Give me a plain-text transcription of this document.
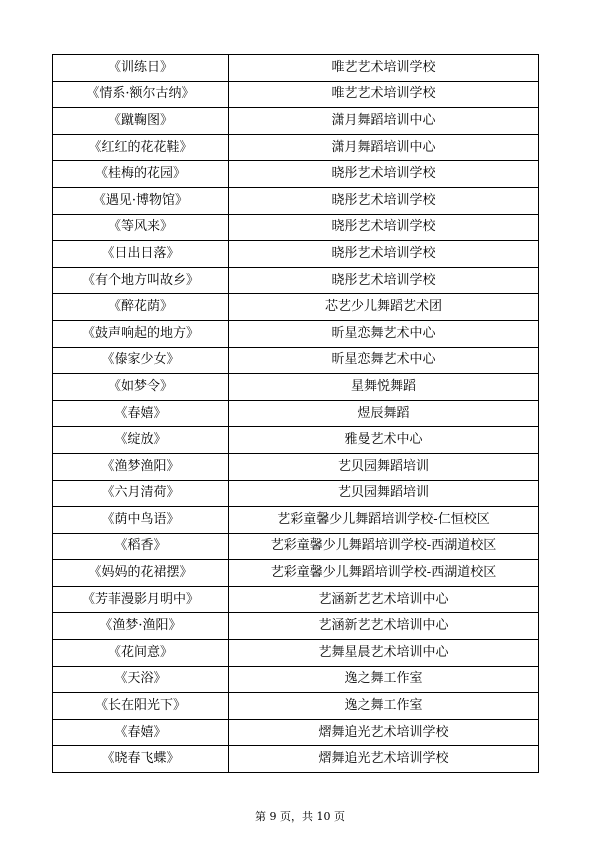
《训练日》	唯艺艺术培训学校
《情系·额尔古纳》	唯艺艺术培训学校
《蹴鞠图》	潇月舞蹈培训中心
《红红的花花鞋》	潇月舞蹈培训中心
《桂梅的花园》	晓彤艺术培训学校
《遇见·博物馆》	晓彤艺术培训学校
《等风来》	晓彤艺术培训学校
《日出日落》	晓彤艺术培训学校
《有个地方叫故乡》	晓彤艺术培训学校
《醉花荫》	芯艺少儿舞蹈艺术团
《鼓声响起的地方》	昕星恋舞艺术中心
《傣家少女》	昕星恋舞艺术中心
《如梦令》	星舞悦舞蹈
《春嬉》	煜辰舞蹈
《绽放》	雅曼艺术中心
《渔梦渔阳》	艺贝园舞蹈培训
《六月清荷》	艺贝园舞蹈培训
《荫中鸟语》	艺彩童馨少儿舞蹈培训学校-仁恒校区
《稻香》	艺彩童馨少儿舞蹈培训学校-西湖道校区
《妈妈的花裙摆》	艺彩童馨少儿舞蹈培训学校-西湖道校区
《芳菲漫影月明中》	艺涵新艺艺术培训中心
《渔梦·渔阳》	艺涵新艺艺术培训中心
《花间意》	艺舞星晨艺术培训中心
《天浴》	逸之舞工作室
《长在阳光下》	逸之舞工作室
《春嬉》	熠舞追光艺术培训学校
《晓春飞蝶》	熠舞追光艺术培训学校
第 9 页，共 10 页
